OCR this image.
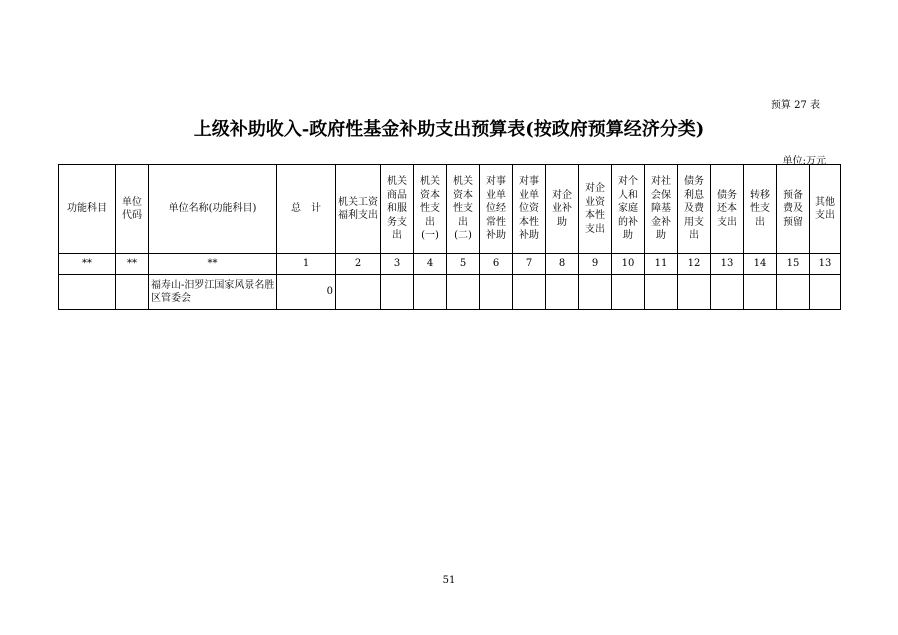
预算 27 表
上级补助收入-政府性基金补助支出预算表(按政府预算经济分类)
单位:万元
功能科目	单位代码	单位名称(功能科目)	总　计	机关工资福利支出	机关商品和服务支出	机关资本性支出(一)	机关资本性支出(二)	对事业单位经常性补助	对事业单位资本性补助	对企业补助	对企业资本性支出	对个人和家庭的补助	对社会保障基金补助	债务利息及费用支出	债务还本支出	转移性支出	预备费及预留	其他支出
**	**	**	1	2	3	4	5	6	7	8	9	10	11	12	13	14	15	13
		福寿山-汨罗江国家风景名胜区管委会	0															
51
